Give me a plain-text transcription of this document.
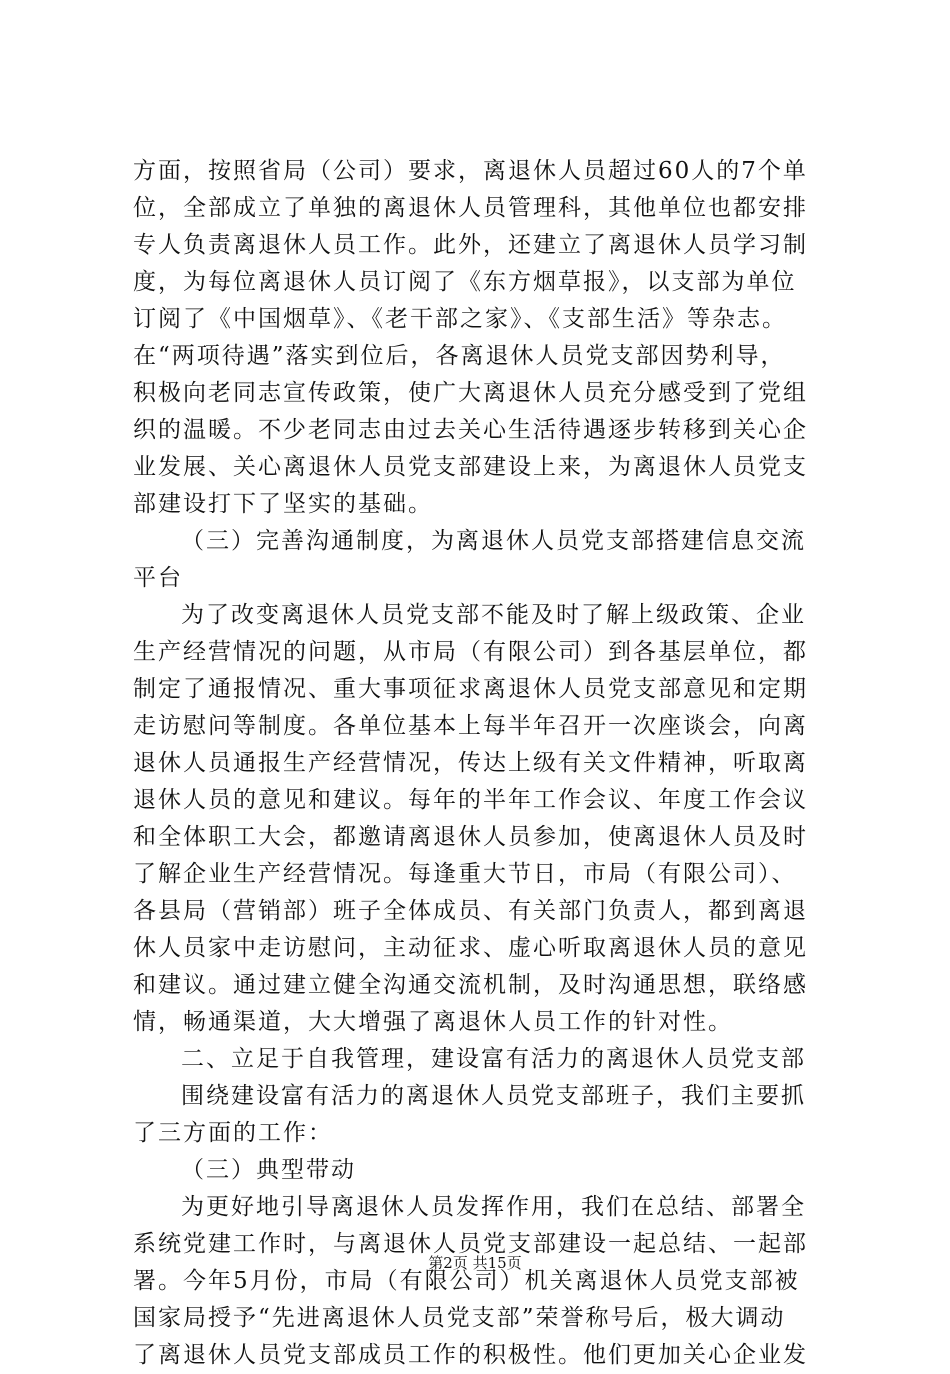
方面，按照省局（公司）要求，离退休人员超过60人的7个单
位，全部成立了单独的离退休人员管理科，其他单位也都安排
专人负责离退休人员工作。此外，还建立了离退休人员学习制
度，为每位离退休人员订阅了《东方烟草报》，以支部为单位
订阅了《中国烟草》、《老干部之家》、《支部生活》等杂志。
在“两项待遇”落实到位后，各离退休人员党支部因势利导，
积极向老同志宣传政策，使广大离退休人员充分感受到了党组
织的温暖。不少老同志由过去关心生活待遇逐步转移到关心企
业发展、关心离退休人员党支部建设上来，为离退休人员党支
部建设打下了坚实的基础。
（三）完善沟通制度，为离退休人员党支部搭建信息交流
平台
为了改变离退休人员党支部不能及时了解上级政策、企业
生产经营情况的问题，从市局（有限公司）到各基层单位，都
制定了通报情况、重大事项征求离退休人员党支部意见和定期
走访慰问等制度。各单位基本上每半年召开一次座谈会，向离
退休人员通报生产经营情况，传达上级有关文件精神，听取离
退休人员的意见和建议。每年的半年工作会议、年度工作会议
和全体职工大会，都邀请离退休人员参加，使离退休人员及时
了解企业生产经营情况。每逢重大节日，市局（有限公司）、
各县局（营销部）班子全体成员、有关部门负责人，都到离退
休人员家中走访慰问，主动征求、虚心听取离退休人员的意见
和建议。通过建立健全沟通交流机制，及时沟通思想，联络感
情，畅通渠道，大大增强了离退休人员工作的针对性。
二、立足于自我管理，建设富有活力的离退休人员党支部
围绕建设富有活力的离退休人员党支部班子，我们主要抓
了三方面的工作：
（三）典型带动
为更好地引导离退休人员发挥作用，我们在总结、部署全
系统党建工作时，与离退休人员党支部建设一起总结、一起部
署。今年5月份，市局（有限公司）机关离退休人员党支部被
国家局授予“先进离退休人员党支部”荣誉称号后，极大调动
了离退休人员党支部成员工作的积极性。他们更加关心企业发
第2页 共15页
